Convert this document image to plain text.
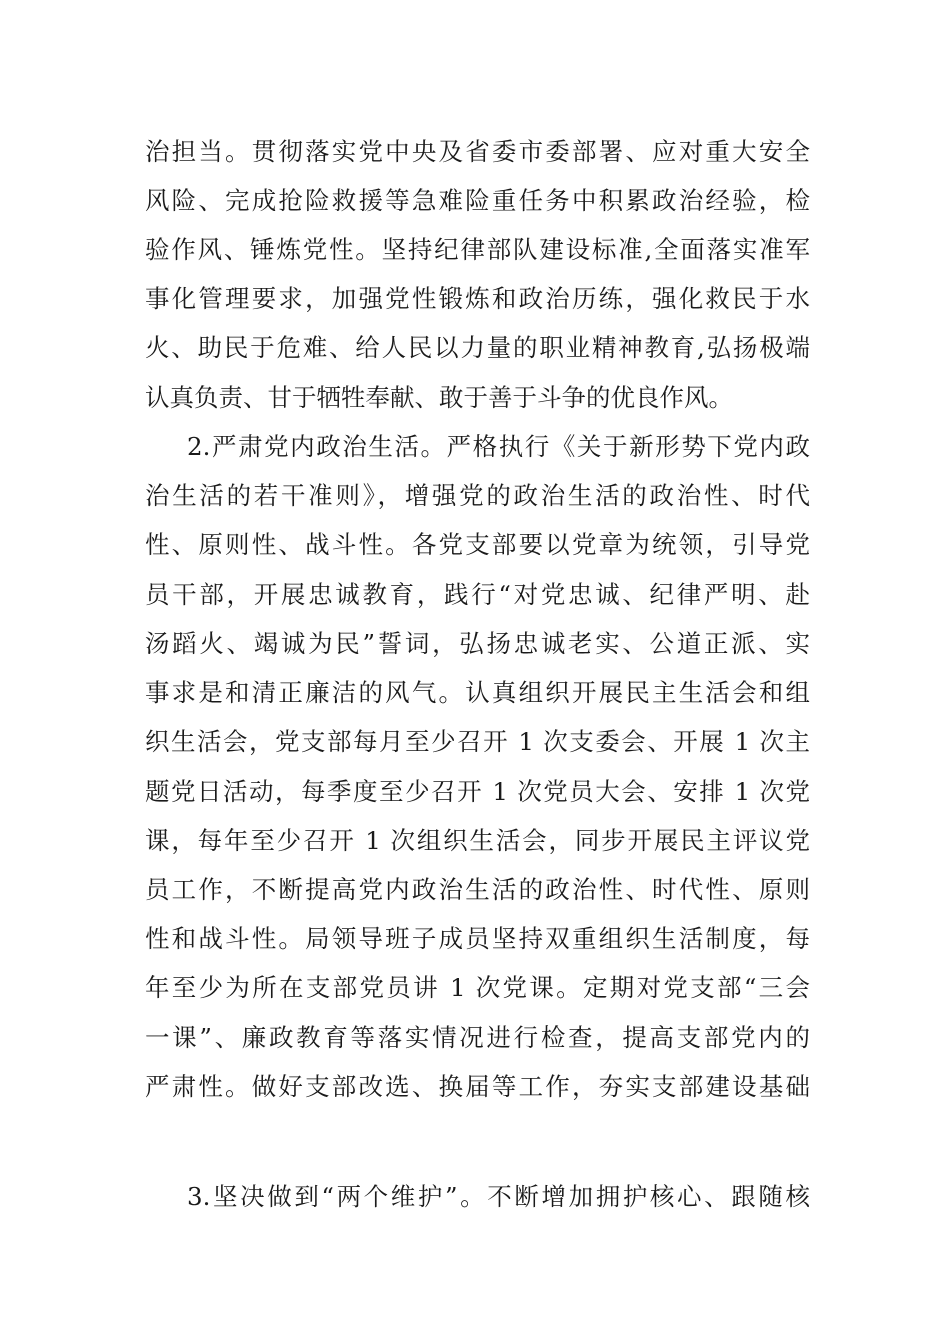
治担当。贯彻落实党中央及省委市委部署、应对重大安全
风险、完成抢险救援等急难险重任务中积累政治经验，检
验作风、锤炼党性。坚持纪律部队建设标准,全面落实准军
事化管理要求，加强党性锻炼和政治历练，强化救民于水
火、助民于危难、给人民以力量的职业精神教育,弘扬极端
认真负责、甘于牺牲奉献、敢于善于斗争的优良作风。
2.严肃党内政治生活。严格执行《关于新形势下党内政
治生活的若干准则》，增强党的政治生活的政治性、时代
性、原则性、战斗性。各党支部要以党章为统领，引导党
员干部，开展忠诚教育，践行“对党忠诚、纪律严明、赴
汤蹈火、竭诚为民”誓词，弘扬忠诚老实、公道正派、实
事求是和清正廉洁的风气。认真组织开展民主生活会和组
织生活会，党支部每月至少召开 1 次支委会、开展 1 次主
题党日活动，每季度至少召开 1 次党员大会、安排 1 次党
课，每年至少召开 1 次组织生活会，同步开展民主评议党
员工作，不断提高党内政治生活的政治性、时代性、原则
性和战斗性。局领导班子成员坚持双重组织生活制度，每
年至少为所在支部党员讲 1 次党课。定期对党支部“三会
一课”、廉政教育等落实情况进行检查，提高支部党内的
严肃性。做好支部改选、换届等工作，夯实支部建设基础
3.坚决做到“两个维护”。不断增加拥护核心、跟随核
